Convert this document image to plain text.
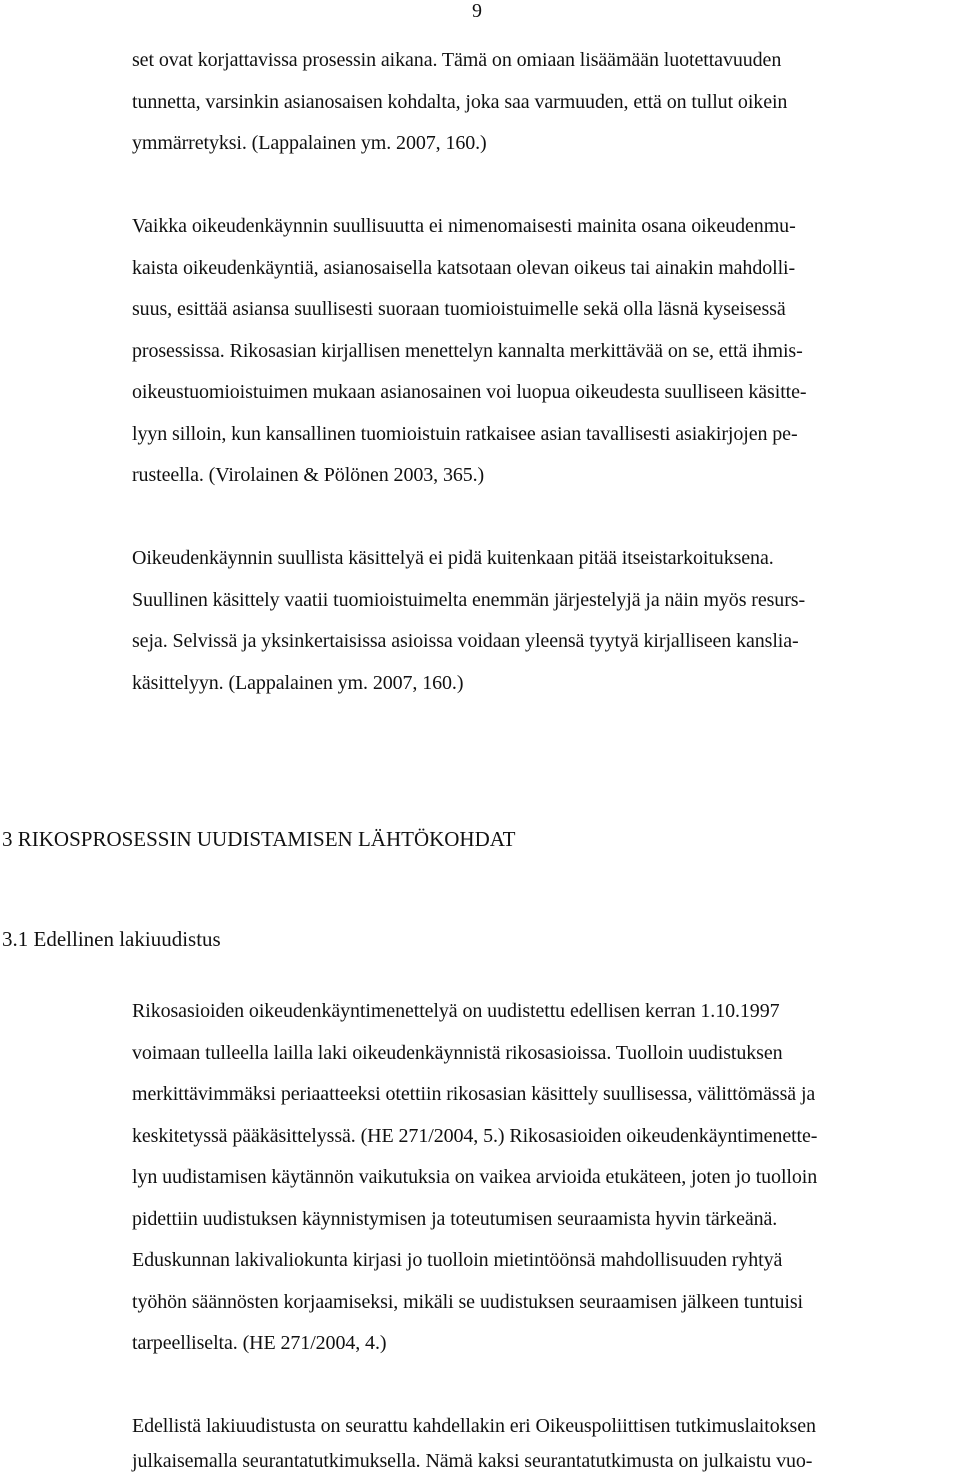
9
set ovat korjattavissa prosessin aikana. Tämä on omiaan lisäämään luotettavuuden
tunnetta, varsinkin asianosaisen kohdalta, joka saa varmuuden, että on tullut oikein
ymmärretyksi. (Lappalainen ym. 2007, 160.)
Vaikka oikeudenkäynnin suullisuutta ei nimenomaisesti mainita osana oikeudenmu-
kaista oikeudenkäyntiä, asianosaisella katsotaan olevan oikeus tai ainakin mahdolli-
suus, esittää asiansa suullisesti suoraan tuomioistuimelle sekä olla läsnä kyseisessä
prosessissa. Rikosasian kirjallisen menettelyn kannalta merkittävää on se, että ihmis-
oikeustuomioistuimen mukaan asianosainen voi luopua oikeudesta suulliseen käsitte-
lyyn silloin, kun kansallinen tuomioistuin ratkaisee asian tavallisesti asiakirjojen pe-
rusteella. (Virolainen & Pölönen 2003, 365.)
Oikeudenkäynnin suullista käsittelyä ei pidä kuitenkaan pitää itseistarkoituksena.
Suullinen käsittely vaatii tuomioistuimelta enemmän järjestelyjä ja näin myös resurs-
seja. Selvissä ja yksinkertaisissa asioissa voidaan yleensä tyytyä kirjalliseen kanslia-
käsittelyyn. (Lappalainen ym. 2007, 160.)
3 RIKOSPROSESSIN UUDISTAMISEN LÄHTÖKOHDAT
3.1 Edellinen lakiuudistus
Rikosasioiden oikeudenkäyntimenettelyä on uudistettu edellisen kerran 1.10.1997
voimaan tulleella lailla laki oikeudenkäynnistä rikosasioissa. Tuolloin uudistuksen
merkittävimmäksi periaatteeksi otettiin rikosasian käsittely suullisessa, välittömässä ja
keskitetyssä pääkäsittelyssä. (HE 271/2004, 5.) Rikosasioiden oikeudenkäyntimenette-
lyn uudistamisen käytännön vaikutuksia on vaikea arvioida etukäteen, joten jo tuolloin
pidettiin uudistuksen käynnistymisen ja toteutumisen seuraamista hyvin tärkeänä.
Eduskunnan lakivaliokunta kirjasi jo tuolloin mietintöönsä mahdollisuuden ryhtyä
työhön säännösten korjaamiseksi, mikäli se uudistuksen seuraamisen jälkeen tuntuisi
tarpeelliselta. (HE 271/2004, 4.)
Edellistä lakiuudistusta on seurattu kahdellakin eri Oikeuspoliittisen tutkimuslaitoksen
julkaisemalla seurantatutkimuksella. Nämä kaksi seurantatutkimusta on julkaistu vuo-
